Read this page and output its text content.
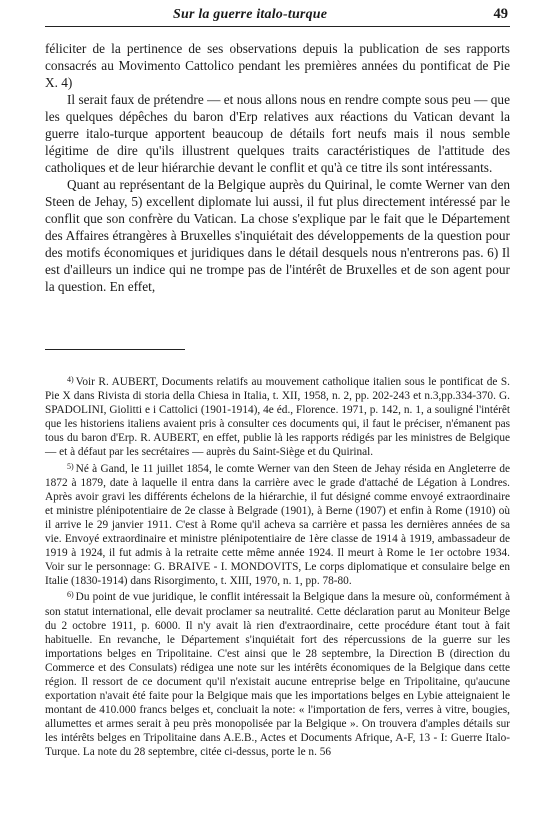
Sur la guerre italo-turque	49

féliciter de la pertinence de ses observations depuis la publication de ses rapports consacrés au Movimento Cattolico pendant les premières années du pontificat de Pie X. 4)

Il serait faux de prétendre — et nous allons nous en rendre compte sous peu — que les quelques dépêches du baron d'Erp relatives aux réactions du Vatican devant la guerre italo-turque apportent beaucoup de détails fort neufs mais il nous semble légitime de dire qu'ils illustrent quelques traits caractéristiques de l'attitude des catholiques et de leur hiérarchie devant le conflit et qu'à ce titre ils sont intéressants.

Quant au représentant de la Belgique auprès du Quirinal, le comte Werner van den Steen de Jehay, 5) excellent diplomate lui aussi, il fut plus directement intéressé par le conflit que son confrère du Vatican. La chose s'explique par le fait que le Département des Affaires étrangères à Bruxelles s'inquiétait des développements de la question pour des motifs économiques et juridiques dans le détail desquels nous n'entrerons pas. 6) Il est d'ailleurs un indice qui ne trompe pas de l'intérêt de Bruxelles et de son agent pour la question. En effet,

$^{4)}$ Voir R. AUBERT, Documents relatifs au mouvement catholique italien sous le pontificat de S. Pie X dans Rivista di storia della Chiesa in Italia, t. XII, 1958, n. 2, pp. 202-243 et n.3,pp.334-370. G. SPADOLINI, Giolitti e i Cattolici (1901-1914), 4e éd., Florence. 1971, p. 142, n. 1, a souligné l'intérêt que les historiens italiens avaient pris à consulter ces documents qui, il faut le préciser, n'émanent pas tous du baron d'Erp. R. AUBERT, en effet, publie là les rapports rédigés par les ministres de Belgique — et à défaut par les secrétaires — auprès du Saint-Siège et du Quirinal.

$^{5)}$ Né à Gand, le 11 juillet 1854, le comte Werner van den Steen de Jehay résida en Angleterre de 1872 à 1879, date à laquelle il entra dans la carrière avec le grade d'attaché de Légation à Londres. Après avoir gravi les différents échelons de la hiérarchie, il fut désigné comme envoyé extraordinaire et ministre plénipotentiaire de 2e classe à Belgrade (1901), à Berne (1907) et enfin à Rome (1910) où il arrive le 29 janvier 1911. C'est à Rome qu'il acheva sa carrière et passa les dernières années de sa vie. Envoyé extraordinaire et ministre plénipotentiaire de 1ère classe de 1914 à 1919, ambassadeur de 1919 à 1924, il fut admis à la retraite cette même année 1924. Il meurt à Rome le 1er octobre 1934. Voir sur le personnage: G. BRAIVE - I. MONDOVITS, Le corps diplomatique et consulaire belge en Italie (1830-1914) dans Risorgimento, t. XIII, 1970, n. 1, pp. 78-80.

$^{6)}$ Du point de vue juridique, le conflit intéressait la Belgique dans la mesure où, conformément à son statut international, elle devait proclamer sa neutralité. Cette déclaration parut au Moniteur Belge du 2 octobre 1911, p. 6000. Il n'y avait là rien d'extraordinaire, cette procédure étant tout à fait habituelle. En revanche, le Département s'inquiétait fort des répercussions de la guerre sur les importations belges en Tripolitaine. C'est ainsi que le 28 septembre, la Direction B (direction du Commerce et des Consulats) rédigea une note sur les intérêts économiques de la Belgique dans cette région. Il ressort de ce document qu'il n'existait aucune entreprise belge en Tripolitaine, qu'aucune exportation n'avait été faite pour la Belgique mais que les importations belges en Lybie atteignaient le montant de 410.000 francs belges et, concluait la note: « l'importation de fers, verres à vitre, bougies, allumettes et armes serait à peu près monopolisée par la Belgique ». On trouvera d'amples détails sur les intérêts belges en Tripolitaine dans A.E.B., Actes et Documents Afrique, A-F, 13 - I: Guerre Italo-Turque. La note du 28 septembre, citée ci-dessus, porte le n. 56
